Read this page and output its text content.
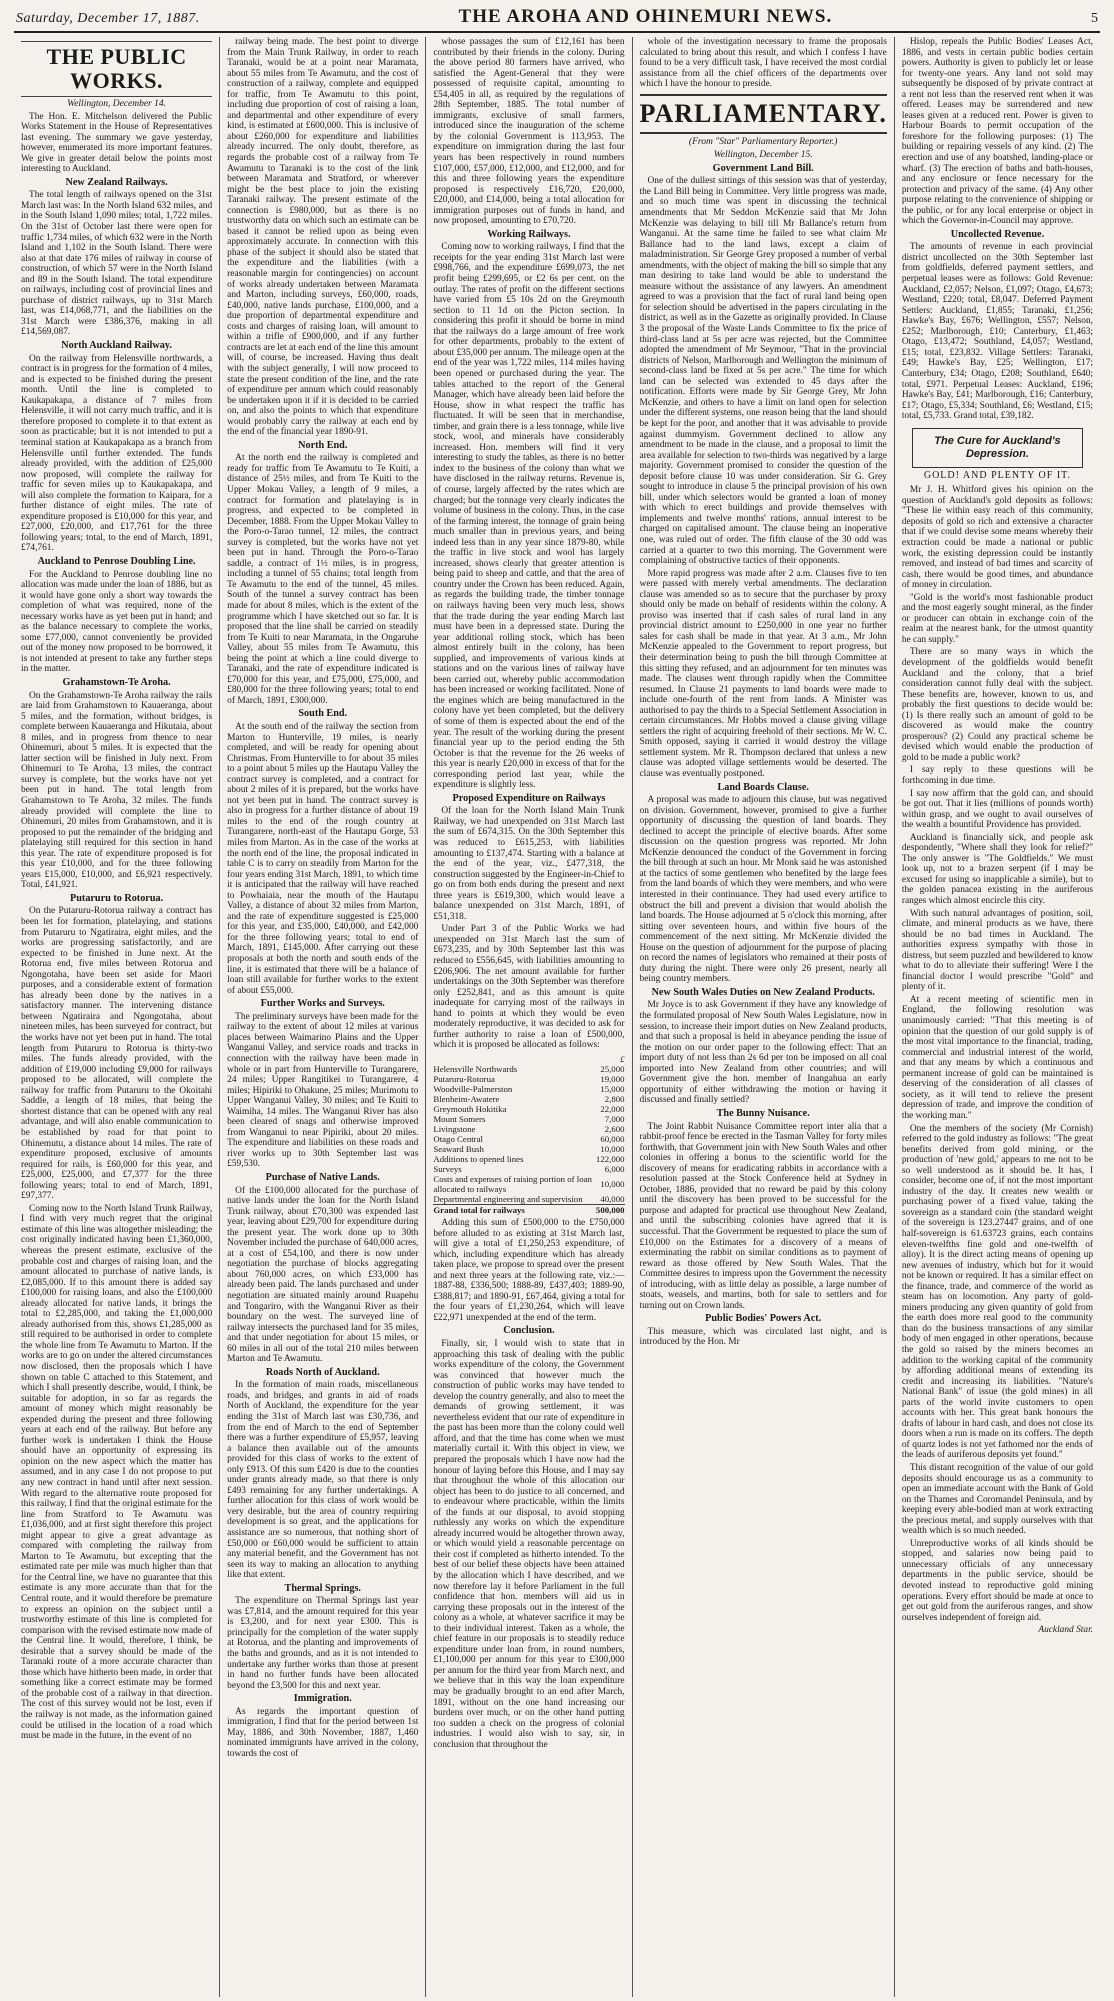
Saturday, December 17, 1887.	THE AROHA AND OHINEMURI NEWS.	5
THE PUBLIC WORKS.
Wellington, December 14.

The Hon. E. Mitchelson delivered the Public Works Statement in the House of Representatives last evening. The summary we gave yesterday, however, enumerated its more important features. We give in greater detail below the points most interesting to Auckland.

New Zealand Railways.

The total length of railways opened on the 31st March last was: In the North Island 632 miles, and in the South Island 1,090 miles; total, 1,722 miles. On the 31st of October last there were open for traffic 1,734 miles, of which 632 were in the North Island and 1,102 in the South Island. There were also at that date 176 miles of railway in course of construction, of which 57 were in the North Island and 89 in the South Island. The total expenditure on railways, including cost of provincial lines and purchase of district railways, up to 31st March last, was £14,068,771, and the liabilities on the 31st March were £386,376, making in all £14,569,087.

North Auckland Railway.

On the railway from Helensville northwards, a contract is in progress for the formation of 4 miles, and is expected to be finished during the present month. Until the line is completed to Kaukapakapa, a distance of 7 miles from Helensville, it will not carry much traffic, and it is therefore proposed to complete it to that extent as soon as practicable; but it is not intended to put a terminal station at Kaukapakapa as a branch from Helensville until further extended. The funds already provided, with the addition of £25,000 now proposed, will complete the railway for traffic for seven miles up to Kaukapakapa, and will also complete the formation to Kaipara, for a further distance of eight miles. The rate of expenditure proposed is £10,000 for this year, and £27,000, £20,000, and £17,761 for the three following years; total, to the end of March, 1891, £74,761.

Auckland to Penrose Doubling Line.

For the Auckland to Penrose doubling line no allocation was made under the loan of 1886, but as it would have gone only a short way towards the completion of what was required, none of the necessary works have as yet been put in hand; and as the balance necessary to complete the works, some £77,000, cannot conveniently be provided out of the money now proposed to be borrowed, it is not intended at present to take any further steps in the matter.

Grahamstown-Te Aroha.

On the Grahamstown-Te Aroha railway the rails are laid from Grahamstown to Kauaeranga, about 5 miles, and the formation, without bridges, is complete between Kauaeranga and Hikutaia, about 8 miles, and in progress from thence to near Ohinemuri, about 5 miles. It is expected that the latter section will be finished in July next. From Ohinemuri to Te Aroha, 13 miles, the contract survey is complete, but the works have not yet been put in hand. The total length from Grahamstown to Te Aroha, 32 miles. The funds already provided will complete the line to Ohinemuri, 20 miles from Grahamstown, and it is proposed to put the remainder of the bridging and platelaying still required for this section in hand this year. The rate of expenditure proposed is for this year £10,000, and for the three following years £15,000, £10,000, and £6,921 respectively. Total, £41,921.

Putaruru to Rotorua.

On the Putaruru-Rotorua railway a contract has been let for formation, platelaying, and stations from Putaruru to Ngatiraira, eight miles, and the works are progressing satisfactorily, and are expected to be finished in June next. At the Rotorua end, five miles between Rotorua and Ngongotaha, have been set aside for Maori purposes, and a considerable extent of formation has already been done by the natives in a satisfactory manner. The intervening distance between Ngatiraira and Ngongotaha, about nineteen miles, has been surveyed for contract, but the works have not yet been put in hand. The total length from Putaruru to Rotorua is thirty-two miles. The funds already provided, with the addition of £19,000 including £9,000 for railways proposed to be allocated, will complete the railway for traffic from Putaruru to the Okoitahi Saddle, a length of 18 miles, that being the shortest distance that can be opened with any real advantage, and will also enable communication to be established by road for that point to Ohinemutu, a distance about 14 miles. The rate of expenditure proposed, exclusive of amounts required for rails, is £60,000 for this year, and £25,000, £25,000, and £7,377 for the three following years; total to end of March, 1891, £97,377.

Coming now to the North Island Trunk Railway, I find with very much regret that the original estimate of this line was altogether misleading; the cost originally indicated having been £1,360,000, whereas the present estimate, exclusive of the probable cost and charges of raising loan, and the amount allocated to purchase of native lands, is £2,085,000. If to this amount there is added say £100,000 for raising loans, and also the £100,000 already allocated for native lands, it brings the total to £2,285,000, and taking the £1,000,000 already authorised from this, shows £1,285,000 as still required to be authorised in order to complete the whole line from Te Awamutu to Marton. If the works are to go on under the altered circumstances now disclosed, then the proposals which I have shown on table C attached to this Statement, and which I shall presently describe, would, I think, be suitable for adoption, in so far as regards the amount of money which might reasonably be expended during the present and three following years at each end of the railway. But before any further work is undertaken I think the House should have an opportunity of expressing its opinion on the new aspect which the matter has assumed, and in any case I do not propose to put any new contract in hand until after next session. With regard to the alternative route proposed for this railway, I find that the original estimate for the line from Stratford to Te Awamutu was £1,036,000, and at first sight therefore this project might appear to give a great advantage as compared with completing the railway from Marton to Te Awamutu, but excepting that the estimated rate per mile was much higher than that for the Central line, we have no guarantee that this estimate is any more accurate than that for the Central route, and it would therefore be premature to express an opinion on the subject until a trustworthy estimate of this line is completed for comparison with the revised estimate now made of the Central line. It would, therefore, I think, be desirable that a survey should be made of the Taranaki route of a more accurate character than those which have hitherto been made, in order that something like a correct estimate may be formed of the probable cost of a railway in that direction. The cost of this survey would not be lost, even if the railway is not made, as the information gained could be utilised in the location of a road which must be made in the future, in the event of no

railway being made. The best point to diverge from the Main Trunk Railway, in order to reach Taranaki, would be at a point near Maramata, about 55 miles from Te Awamutu, and the cost of construction of a railway, complete and equipped for traffic, from Te Awamutu to this point, including due proportion of cost of raising a loan, and departmental and other expenditure of every kind, is estimated at £600,000. This is inclusive of about £260,000 for expenditure and liabilities already incurred. The only doubt, therefore, as regards the probable cost of a railway from Te Awamutu to Taranaki is to the cost of the link between Maramata and Stratford, or wherever might be the best place to join the existing Taranaki railway. The present estimate of the connection is £980,000, but as there is no trustworthy data on which such an estimate can be based it cannot be relied upon as being even approximately accurate. In connection with this phase of the subject it should also be stated that the expenditure and the liabilities (with a reasonable margin for contingencies) on account of works already undertaken between Maramata and Marton, including surveys, £60,000, roads, £40,000, native lands purchase, £100,000, and a due proportion of departmental expenditure and costs and charges of raising loan, will amount to within a trifle of £900,000, and if any further contracts are let at each end of the line this amount will, of course, be increased. Having thus dealt with the subject generally, I will now proceed to state the present condition of the line, and the rate of expenditure per annum which could reasonably be undertaken upon it if it is decided to be carried on, and also the points to which that expenditure would probably carry the railway at each end by the end of the financial year 1890-91.

North End.

At the north end the railway is completed and ready for traffic from Te Awamutu to Te Kuiti, a distance of 25½ miles, and from Te Kuiti to the Upper Mokau Valley, a length of 9 miles, a contract for formation and platelaying is in progress, and expected to be completed in December, 1888. From the Upper Mokau Valley to the Poro-o-Tarao tunnel, 12 miles, the contract survey is completed, but the works have not yet been put in hand. Through the Poro-o-Tarao saddle, a contract of 1½ miles, is in progress, including a tunnel of 55 chains; total length from Te Awamutu to the end of the tunnel, 45 miles. South of the tunnel a survey contract has been made for about 8 miles, which is the extent of the programme which I have sketched out so far. It is proposed that the line shall be carried on steadily from Te Kuiti to near Maramata, in the Ongaruhe Valley, about 55 miles from Te Awamutu, this being the point at which a line could diverge to Taranaki, and the rate of expenditure indicated is £70,000 for this year, and £75,000, £75,000, and £80,000 for the three following years; total to end of March, 1891, £300,000.

South End.

At the south end of the railway the section from Marton to Hunterville, 19 miles, is nearly completed, and will be ready for opening about Christmas. From Hunterville to for about 35 miles to a point about 5 miles up the Hautapu Valley the contract survey is completed, and a contract for about 2 miles of it is prepared, but the works have not yet been put in hand. The contract survey is also in progress for a further distance of about 19 miles to the end of the rough country at Turangarere, north-east of the Hautapu Gorge, 53 miles from Marton. As in the case of the works at the north end of the line, the proposal indicated in table C is to carry on steadily from Marton for the four years ending 31st March, 1891, to which time it is anticipated that the railway will have reached to Powhaiaia, near the mouth of the Hautapu Valley, a distance of about 32 miles from Marton, and the rate of expenditure suggested is £25,000 for this year, and £35,000, £40,000, and £42,000 for the three following years; total to end of March, 1891, £145,000. After carrying out these proposals at both the north and south ends of the line, it is estimated that there will be a balance of loan still available for further works to the extent of about £55,000.

Further Works and Surveys.

The preliminary surveys have been made for the railway to the extent of about 12 miles at various places between Waimarino Plains and the Upper Wanganui Valley, and service roads and tracks in connection with the railway have been made in whole or in part from Hunterville to Turangarere, 24 miles; Upper Rangitikei to Turangarere, 4 miles; Hipiriki to Ohakune, 25 miles; Murimotu to Upper Wanganui Valley, 30 miles; and Te Kuiti to Waimiha, 14 miles. The Wanganui River has also been cleared of snags and otherwise improved from Wanganui to near Pipiriki, about 20 miles. The expenditure and liabilities on these roads and river works up to 30th September last was £59,530.

Purchase of Native Lands.

Of the £100,000 allocated for the purchase of native lands under the loan for the North Island Trunk railway, about £70,300 was expended last year, leaving about £29,700 for expenditure during the present year. The work done up to 30th November included the purchase of 640,000 acres, at a cost of £54,100, and there is now under negotiation the purchase of blocks aggregating about 760,000 acres, on which £33,000 has already been paid. The lands purchased and under negotiation are situated mainly around Ruapehu and Tongariro, with the Wanganui River as their boundary on the west. The surveyed line of railway intersects the purchased land for 35 miles, and that under negotiation for about 15 miles, or 60 miles in all out of the total 210 miles between Marton and Te Awamutu.

Roads North of Auckland.

In the formation of main roads, miscellaneous roads, and bridges, and grants in aid of roads North of Auckland, the expenditure for the year ending the 31st of March last was £30,736, and from the end of March to the end of September there was a further expenditure of £5,957, leaving a balance then available out of the amounts provided for this class of works to the extent of only £913. Of this sum £420 is due to the counties under grants already made, so that there is only £493 remaining for any further undertakings. A further allocation for this class of work would be very desirable, but the area of country requiring development is so great, and the applications for assistance are so numerous, that nothing short of £50,000 or £60,000 would be sufficient to attain any material benefit, and the Government has not seen its way to making an allocation to anything like that extent.

Thermal Springs.

The expenditure on Thermal Springs last year was £7,814, and the amount required for this year is £3,200, and for next year £300. This is principally for the completion of the water supply at Rotorua, and the planting and improvements of the baths and grounds, and as it is not intended to undertake any further works than those at present in hand no further funds have been allocated beyond the £3,500 for this and next year.

Immigration.

As regards the important question of immigration, I find that for the period between 1st May, 1886, and 30th November, 1887, 1,460 nominated immigrants have arrived in the colony, towards the cost of

whose passages the sum of £12,161 has been contributed by their friends in the colony. During the above period 80 farmers have arrived, who satisfied the Agent-General that they were possessed of requisite capital, amounting to £54,405 in all, as required by the regulations of 28th September, 1885. The total number of immigrants, exclusive of small farmers, introduced since the inauguration of the scheme by the colonial Government is 113,953. The expenditure on immigration during the last four years has been respectively in round numbers £107,000, £57,000, £12,000, and £12,000, and for this and three following years the expenditure proposed is respectively £16,720, £20,000, £20,000, and £14,000, being a total allocation for immigration purposes out of funds in hand, and now proposed, amounting to £70,720.

Working Railways.

Coming now to working railways, I find that the receipts for the year ending 31st March last were £998,766, and the expenditure £699,073, the net profit being £299,695, or £2 6s per cent. on the outlay. The rates of profit on the different sections have varied from £5 10s 2d on the Greymouth section to 11 1d on the Picton section. In considering this profit it should be borne in mind that the railways do a large amount of free work for other departments, probably to the extent of about £35,000 per annum. The mileage open at the end of the year was 1,722 miles, 114 miles having been opened or purchased during the year. The tables attached to the report of the General Manager, which have already been laid before the House, show in what respect the traffic has fluctuated. It will be seen that in merchandise, timber, and grain there is a less tonnage, while live stock, wool, and minerals have considerably increased. Hon. members will find it very interesting to study the tables, as there is no better index to the business of the colony than what we have disclosed in the railway returns. Revenue is, of course, largely affected by the rates which are charged; but the tonnage very clearly indicates the volume of business in the colony. Thus, in the case of the farming interest, the tonnage of grain being much smaller than in previous years, and being indeed less than in any year since 1879-80, while the traffic in live stock and wool has largely increased, shows clearly that greater attention is being paid to sheep and cattle, and that the area of country under the Crown has been reduced. Again, as regards the building trade, the timber tonnage on railways having been very much less, shows that the trade during the year ending March last must have been in a depressed state. During the year additional rolling stock, which has been almost entirely built in the colony, has been supplied, and improvements of various kinds at stations and on the various lines of railway have been carried out, whereby public accommodation has been increased or working facilitated. None of the engines which are being manufactured in the colony have yet been completed, but the delivery of some of them is expected about the end of the year. The result of the working during the present financial year up to the period ending the 5th October is that the revenue for the 26 weeks of this year is nearly £20,000 in excess of that for the corresponding period last year, while the expenditure is slightly less.

Proposed Expenditure on Railways

Of the loan for the North Island Main Trunk Railway, we had unexpended on 31st March last the sum of £674,315. On the 30th September this was reduced to £615,253, with liabilities amounting to £137,474. Starting with a balance at the end of the year, viz., £477,318, the construction suggested by the Engineer-in-Chief to go on from both ends during the present and next three years is £619,300, which would leave a balance unexpended on 31st March, 1891, of £51,318.

Under Part 3 of the Public Works we had unexpended on 31st March last the sum of £673,235, and by 30th September last this was reduced to £556,645, with liabilities amounting to £206,906. The net amount available for further undertakings on the 30th September was therefore only £252,841, and as this amount is quite inadequate for carrying most of the railways in hand to points at which they would be even moderately reproductive, it was decided to ask for further authority to raise a loan of £500,000, which it is proposed be allocated as follows:

	£
Helensville Northwards	25,000
Putaruru-Rotorua	19,000
Woodville-Palmerston	15,000
Blenheim-Awatere	2,800
Greymouth Hokitika	22,000
Mount Somers	7,000
Livingstone	2,600
Otago Central	60,000
Seaward Bush	10,000
Additions to opened lines	122,000
Surveys	6,000
Costs and expenses of raising portion of loan allocated to railways	10,000
Departmental engineering and supervision	40,000
Grand total for railways	500,000

Adding this sum of £500,000 to the £750,000 before alluded to as existing at 31st March last, will give a total of £1,250,253 expenditure, of which, including expenditure which has already taken place, we propose to spread over the present and next three years at the following rate, viz.:—1887-88, £336,500; 1888-89, £437,403; 1889-90, £388,817; and 1890-91, £67,464, giving a total for the four years of £1,230,264, which will leave £22,971 unexpended at the end of the term.

Conclusion.

Finally, sir, I would wish to state that in approaching this task of dealing with the public works expenditure of the colony, the Government was convinced that however much the construction of public works may have tended to develop the country generally, and also to meet the demands of growing settlement, it was nevertheless evident that our rate of expenditure in the past has been more than the colony could well afford, and that the time has come when we must materially curtail it. With this object in view, we prepared the proposals which I have now had the honour of laying before this House, and I may say that throughout the whole of this allocation our object has been to do justice to all concerned, and to endeavour where practicable, within the limits of the funds at our disposal, to avoid stopping ruthlessly any works on which the expenditure already incurred would be altogether thrown away, or which would yield a reasonable percentage on their cost if completed as hitherto intended. To the best of our belief these objects have been attained by the allocation which I have described, and we now therefore lay it before Parliament in the full confidence that hon. members will aid us in carrying these proposals out in the interest of the colony as a whole, at whatever sacrifice it may be to their individual interest. Taken as a whole, the chief feature in our proposals is to steadily reduce expenditure under loan from, in round numbers, £1,100,000 per annum for this year to £300,000 per annum for the third year from March next, and we believe that in this way the loan expenditure may be gradually brought to an end after March, 1891, without on the one hand increasing our burdens over much, or on the other hand putting too sudden a check on the progress of colonial industries. I would also wish to say, sir, in conclusion that throughout the

whole of the investigation necessary to frame the proposals calculated to bring about this result, and which I confess I have found to be a very difficult task, I have received the most cordial assistance from all the chief officers of the departments over which I have the honour to preside.

PARLIAMENTARY.
(From "Star" Parliamentary Reporter.)
Wellington, December 15.
Government Land Bill.

One of the dullest sittings of this session was that of yesterday, the Land Bill being in Committee. Very little progress was made, and so much time was spent in discussing the technical amendments that Mr Seddon McKenzie said that Mr John McKenzie was delaying to bill till Mr Ballance's return from Wanganui. At the same time he failed to see what claim Mr Ballance had to the land laws, except a claim of maladministration. Sir George Grey proposed a number of verbal amendments, with the object of making the bill so simple that any man desiring to take land would be able to understand the measure without the assistance of any lawyers. An amendment agreed to was a provision that the fact of rural land being open for selection should be advertised in the papers circulating in the district, as well as in the Gazette as originally provided. In Clause 3 the proposal of the Waste Lands Committee to fix the price of third-class land at 5s per acre was rejected, but the Committee adopted the amendment of Mr Seymour, "That in the provincial districts of Nelson, Marlborough and Wellington the minimum of second-class land be fixed at 5s per acre." The time for which land can be selected was extended to 45 days after the notification. Efforts were made by Sir George Grey, Mr John McKenzie, and others to have a limit on land open for selection under the different systems, one reason being that the land should be kept for the poor, and another that it was advisable to provide against dummyism. Government declined to allow any amendment to be made in the clause, and a proposal to limit the area available for selection to two-thirds was negatived by a large majority. Government promised to consider the question of the deposit before clause 10 was under consideration. Sir G. Grey sought to introduce in clause 5 the principal provision of his own bill, under which selectors would be granted a loan of money with which to erect buildings and provide themselves with implements and twelve months' rations, annual interest to be charged on capitalised amount. The clause being an inoperative one, was ruled out of order. The fifth clause of the 30 odd was carried at a quarter to two this morning. The Government were complaining of obstructive tactics of their opponents.

More rapid progress was made after 2 a.m. Clauses five to ten were passed with merely verbal amendments. The declaration clause was amended so as to secure that the purchaser by proxy should only be made on behalf of residents within the colony. A proviso was inserted that if cash sales of rural land in any provincial district amount to £250,000 in one year no further sales for cash shall be made in that year. At 3 a.m., Mr John McKenzie appealed to the Government to report progress, but their determination being to push the bill through Committee at this sitting they refused, and an adjournment for ten minutes was made. The clauses went through rapidly when the Committee resumed. In Clause 21 payments to land boards were made to include one-fourth of the rent from lands. A Minister was authorised to pay the thirds to a Special Settlement Association in certain circumstances. Mr Hobbs moved a clause giving village settlers the right of acquiring freehold of their sections. Mr W. C. Smith opposed, saying it carried it would destroy the village settlement system. Mr R. Thompson declared that unless a new clause was adopted village settlements would be deserted. The clause was eventually postponed.

Land Boards Clause.

A proposal was made to adjourn this clause, but was negatived on division. Government, however, promised to give a further opportunity of discussing the question of land boards. They declined to accept the principle of elective boards. After some discussion on the question progress was reported. Mr John McKenzie denounced the conduct of the Government in forcing the bill through at such an hour. Mr Monk said he was astonished at the tactics of some gentlemen who benefited by the large fees from the land boards of which they were members, and who were interested in their continuance. They had used every artifice to obstruct the bill and prevent a division that would abolish the land boards. The House adjourned at 5 o'clock this morning, after sitting over seventeen hours, and within five hours of the commencement of the next sitting. Mr McKenzie divided the House on the question of adjournment for the purpose of placing on record the names of legislators who remained at their posts of duty during the night. There were only 26 present, nearly all being country members.

New South Wales Duties on New Zealand Products.

Mr Joyce is to ask Government if they have any knowledge of the formulated proposal of New South Wales Legislature, now in session, to increase their import duties on New Zealand products, and that such a proposal is held in abeyance pending the issue of the motion on our order paper to the following effect: That an import duty of not less than 2s 6d per ton be imposed on all coal imported into New Zealand from other countries; and will Government give the hon. member of Inangahua an early opportunity of either withdrawing the motion or having it discussed and finally settled?

The Bunny Nuisance.

The Joint Rabbit Nuisance Committee report inter alia that a rabbit-proof fence be erected in the Tasman Valley for forty miles forthwith, that Government join with New South Wales and other colonies in offering a bonus to the scientific world for the discovery of means for eradicating rabbits in accordance with a resolution passed at the Stock Conference held at Sydney in October, 1886, provided that no reward be paid by this colony until the discovery has been proved to be successful for the purpose and adapted for practical use throughout New Zealand, and until the subscribing colonies have agreed that it is successful. That the Government be requested to place the sum of £10,000 on the Estimates for a discovery of a means of exterminating the rabbit on similar conditions as to payment of reward as those offered by New South Wales. That the Committee desires to impress upon the Government the necessity of introducing, with as little delay as possible, a large number of stoats, weasels, and martins, both for sale to settlers and for turning out on Crown lands.

Public Bodies' Powers Act.

This measure, which was circulated last night, and is introduced by the Hon. Mr

Hislop, repeals the Public Bodies' Leases Act, 1886, and vests in certain public bodies certain powers. Authority is given to publicly let or lease for twenty-one years. Any land not sold may subsequently be disposed of by private contract at a rent not less than the reserved rent when it was offered. Leases may be surrendered and new leases given at a reduced rent. Power is given to Harbour Boards to permit occupation of the foreshore for the following purposes: (1) The building or repairing vessels of any kind. (2) The erection and use of any boatshed, landing-place or wharf. (3) The erection of baths and bath-houses, and any enclosure or fence necessary for the protection and privacy of the same. (4) Any other purpose relating to the convenience of shipping or the public, or for any local enterprise or object in which the Governor-in-Council may approve.

Uncollected Revenue.

The amounts of revenue in each provincial district uncollected on the 30th September last from goldfields, deferred payment settlers, and perpetual leases were as follows: Gold Revenue: Auckland, £2,057; Nelson, £1,097; Otago, £4,673; Westland, £220; total, £8,047. Deferred Payment Settlers: Auckland, £1,855; Taranaki, £1,256; Hawke's Bay, £676; Wellington, £557; Nelson, £252; Marlborough, £10; Canterbury, £1,463; Otago, £13,472; Southland, £4,057; Westland, £15; total, £23,832. Village Settlers: Taranaki, £49; Hawke's Bay, £25; Wellington, £17; Canterbury, £34; Otago, £208; Southland, £640; total, £971. Perpetual Leases: Auckland, £196; Hawke's Bay, £41; Marlborough, £16; Canterbury, £17; Otago, £5,334; Southland, £6; Westland, £15; total, £5,733. Grand total, £39,182.

The Cure for Auckland's Depression.
GOLD! AND PLENTY OF IT.

Mr J. H. Whitford gives his opinion on the question of Auckland's gold deposits as follows: "These lie within easy reach of this community, deposits of gold so rich and extensive a character that if we could devise some means whereby their extraction could be made a national or public work, the existing depression could be instantly removed, and instead of bad times and scarcity of cash, there would be good times, and abundance of money in circulation.

"Gold is the world's most fashionable product and the most eagerly sought mineral, as the finder or producer can obtain in exchange coin of the realm at the nearest bank, for the utmost quantity he can supply."

There are so many ways in which the development of the goldfields would benefit Auckland and the colony, that a brief consideration cannot fully deal with the subject. These benefits are, however, known to us, and probably the first questions to decide would be: (1) Is there really such an amount of gold to be discovered as would make the country prosperous? (2) Could any practical scheme be devised which would enable the production of gold to be made a public work?

I say reply to these questions will be forthcoming in due time.

I say now affirm that the gold can, and should be got out. That it lies (millions of pounds worth) within grasp, and we ought to avail ourselves of the wealth a bountiful Providence has provided.

Auckland is financially sick, and people ask despondently, "Where shall they look for relief?" The only answer is "The Goldfields." We must look up, not to a brazen serpent (if I may be excused for using so inapplicable a simile), but to the golden panacea existing in the auriferous ranges which almost encircle this city.

With such natural advantages of position, soil, climate, and mineral products as we have, there should be no bad times in Auckland. The authorities express sympathy with those in distress, but seem puzzled and bewildered to know what to do to alleviate their suffering! Were I the financial doctor I would prescribe "Gold" and plenty of it.

At a recent meeting of scientific men in England, the following resolution was unanimously carried: "That this meeting is of opinion that the question of our gold supply is of the most vital importance to the financial, trading, commercial and industrial interest of the world, and that any means by which a continuous and permanent increase of gold can be maintained is deserving of the consideration of all classes of society, as it will tend to relieve the present depression of trade, and improve the condition of the working man."

One the members of the society (Mr Cornish) referred to the gold industry as follows: "The great benefits derived from gold mining, or the production of 'new gold,' appears to me not to be so well understood as it should be. It has, I consider, become one of, if not the most important industry of the day. It creates new wealth or purchasing power of a fixed value, taking the sovereign as a standard coin (the standard weight of the sovereign is 123.27447 grains, and of one half-sovereign is 61.63723 grains, each contains eleven-twelfths fine gold and one-twelfth of alloy). It is the direct acting means of opening up new avenues of industry, which but for it would not be known or required. It has a similar effect on the finance, trade, and commerce of the world as steam has on locomotion. Any party of gold-miners producing any given quantity of gold from the earth does more real good to the community than do the business transactions of any similar body of men engaged in other operations, because the gold so raised by the miners becomes an addition to the working capital of the community by affording additional means of extending its credit and increasing its liabilities. "Nature's National Bank" of issue (the gold mines) in all parts of the world invite customers to open accounts with her. This great bank honours the drafts of labour in hard cash, and does not close its doors when a run is made on its coffers. The depth of quartz lodes is not yet fathomed nor the ends of the leads of auriferous deposits yet found."

This distant recognition of the value of our gold deposits should encourage us as a community to open an immediate account with the Bank of Gold on the Thames and Coromandel Peninsula, and by keeping every able-bodied man at work extracting the precious metal, and supply ourselves with that wealth which is so much needed.

Unreproductive works of all kinds should be stopped, and salaries now being paid to unnecessary officials of any unnecessary departments in the public service, should be devoted instead to reproductive gold mining operations. Every effort should be made at once to get out gold from the auriferous ranges, and show ourselves independent of foreign aid.

Auckland Star.
